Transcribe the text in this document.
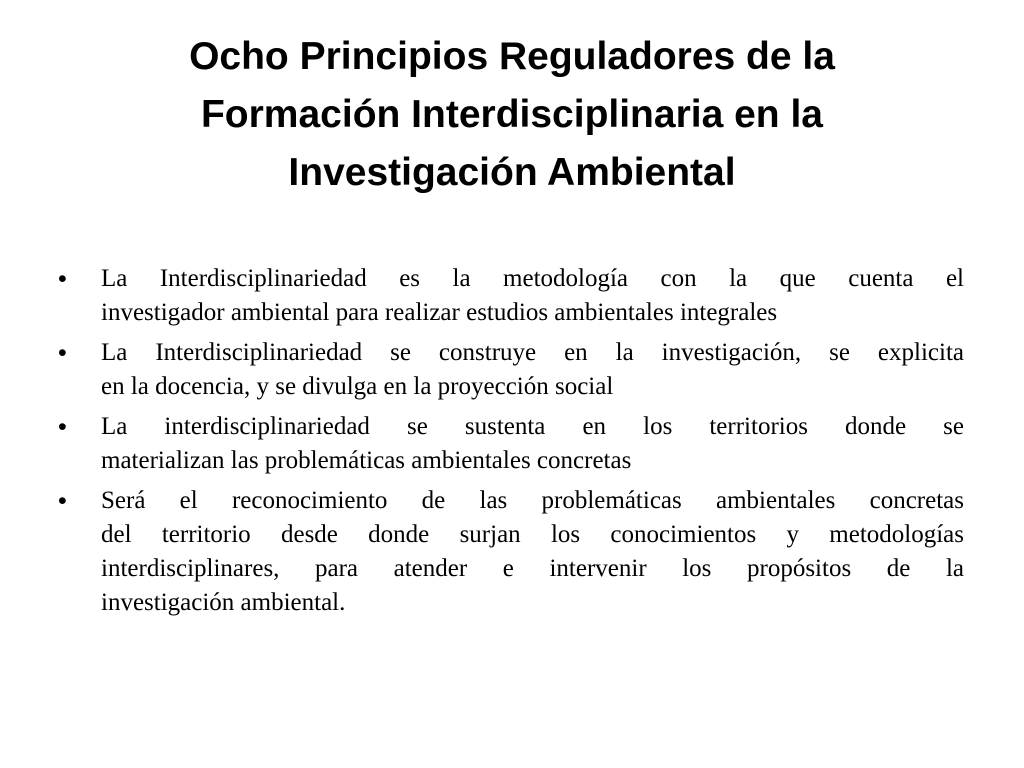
Ocho Principios Reguladores de la
Formación Interdisciplinaria en la
Investigación Ambiental
•	La Interdisciplinariedad es la metodología con la que cuenta el
investigador ambiental para realizar estudios ambientales integrales
•	La Interdisciplinariedad se construye en la investigación, se explicita
en la docencia, y se divulga en la proyección social
•	La interdisciplinariedad se sustenta en los territorios donde se
materializan las problemáticas ambientales concretas
•	Será el reconocimiento de las problemáticas ambientales concretas
del territorio desde donde surjan los conocimientos y metodologías
interdisciplinares, para atender e intervenir los propósitos de la
investigación ambiental.
